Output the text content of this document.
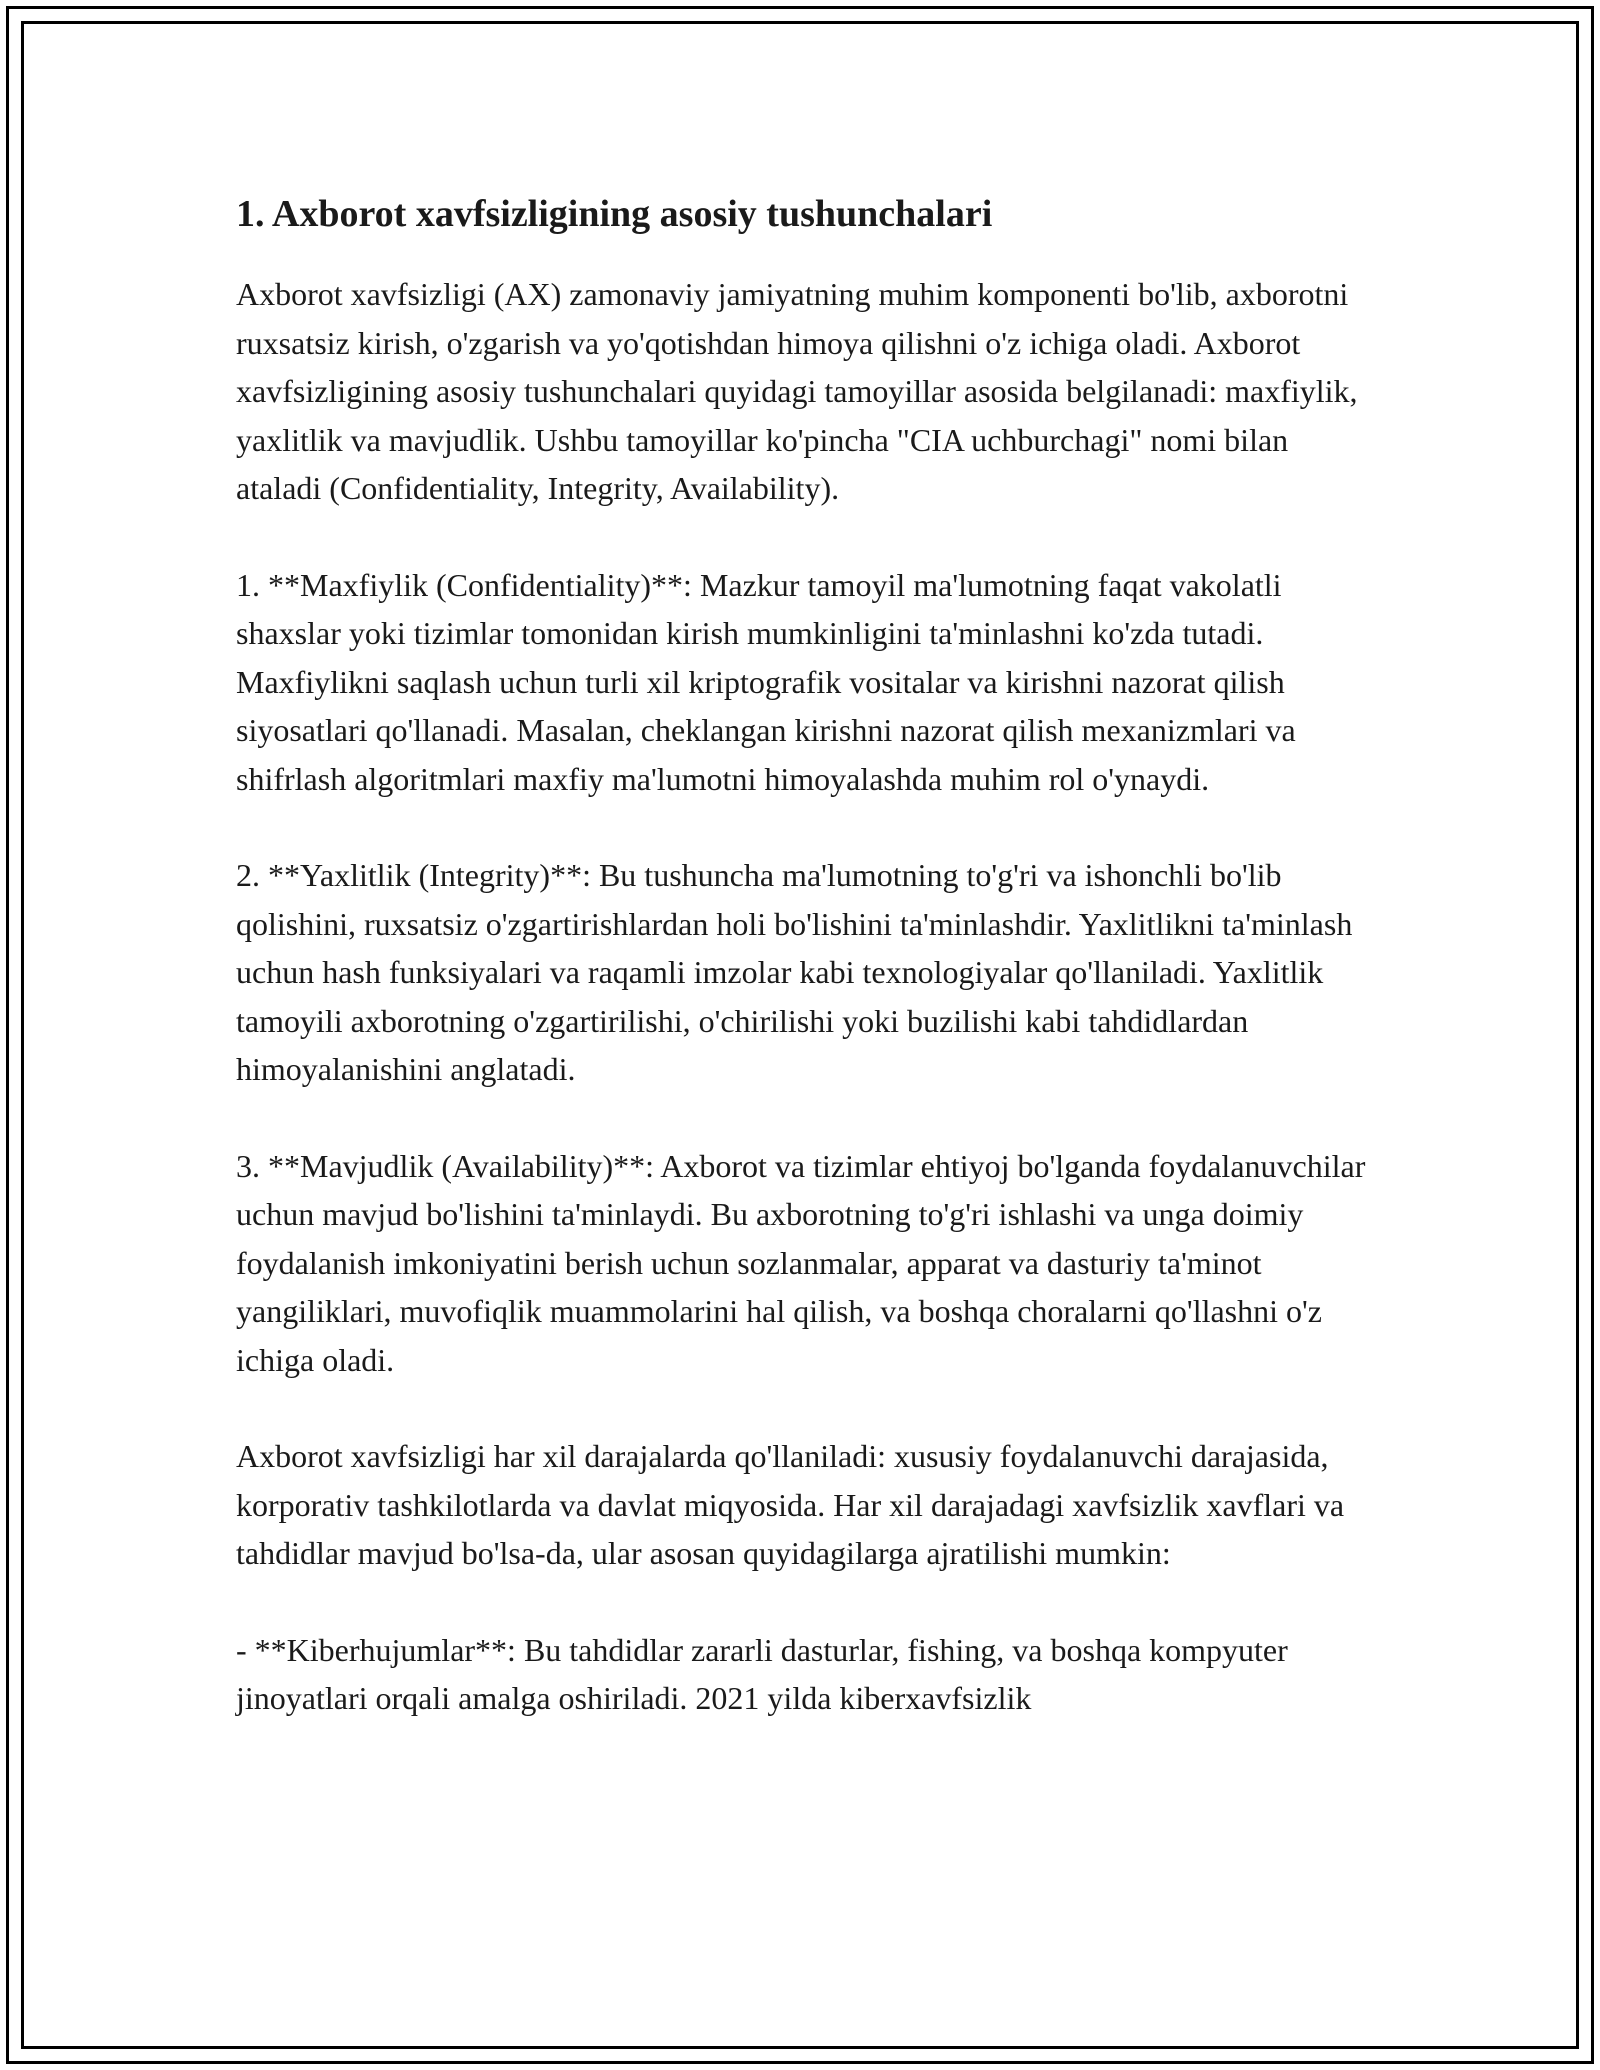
1. Axborot xavfsizligining asosiy tushunchalari

Axborot xavfsizligi (AX) zamonaviy jamiyatning muhim komponenti bo'lib, axborotni ruxsatsiz kirish, o'zgarish va yo'qotishdan himoya qilishni o'z ichiga oladi. Axborot xavfsizligining asosiy tushunchalari quyidagi tamoyillar asosida belgilanadi: maxfiylik, yaxlitlik va mavjudlik. Ushbu tamoyillar ko'pincha "CIA uchburchagi" nomi bilan ataladi (Confidentiality, Integrity, Availability).

1. **Maxfiylik (Confidentiality)**: Mazkur tamoyil ma'lumotning faqat vakolatli shaxslar yoki tizimlar tomonidan kirish mumkinligini ta'minlashni ko'zda tutadi. Maxfiylikni saqlash uchun turli xil kriptografik vositalar va kirishni nazorat qilish siyosatlari qo'llanadi. Masalan, cheklangan kirishni nazorat qilish mexanizmlari va shifrlash algoritmlari maxfiy ma'lumotni himoyalashda muhim rol o'ynaydi.

2. **Yaxlitlik (Integrity)**: Bu tushuncha ma'lumotning to'g'ri va ishonchli bo'lib qolishini, ruxsatsiz o'zgartirishlardan holi bo'lishini ta'minlashdir. Yaxlitlikni ta'minlash uchun hash funksiyalari va raqamli imzolar kabi texnologiyalar qo'llaniladi. Yaxlitlik tamoyili axborotning o'zgartirilishi, o'chirilishi yoki buzilishi kabi tahdidlardan himoyalanishini anglatadi.

3. **Mavjudlik (Availability)**: Axborot va tizimlar ehtiyoj bo'lganda foydalanuvchilar uchun mavjud bo'lishini ta'minlaydi. Bu axborotning to'g'ri ishlashi va unga doimiy foydalanish imkoniyatini berish uchun sozlanmalar, apparat va dasturiy ta'minot yangiliklari, muvofiqlik muammolarini hal qilish, va boshqa choralarni qo'llashni o'z ichiga oladi.

Axborot xavfsizligi har xil darajalarda qo'llaniladi: xususiy foydalanuvchi darajasida, korporativ tashkilotlarda va davlat miqyosida. Har xil darajadagi xavfsizlik xavflari va tahdidlar mavjud bo'lsa-da, ular asosan quyidagilarga ajratilishi mumkin:

- **Kiberhujumlar**: Bu tahdidlar zararli dasturlar, fishing, va boshqa kompyuter jinoyatlari orqali amalga oshiriladi. 2021 yilda kiberxavfsizlik
